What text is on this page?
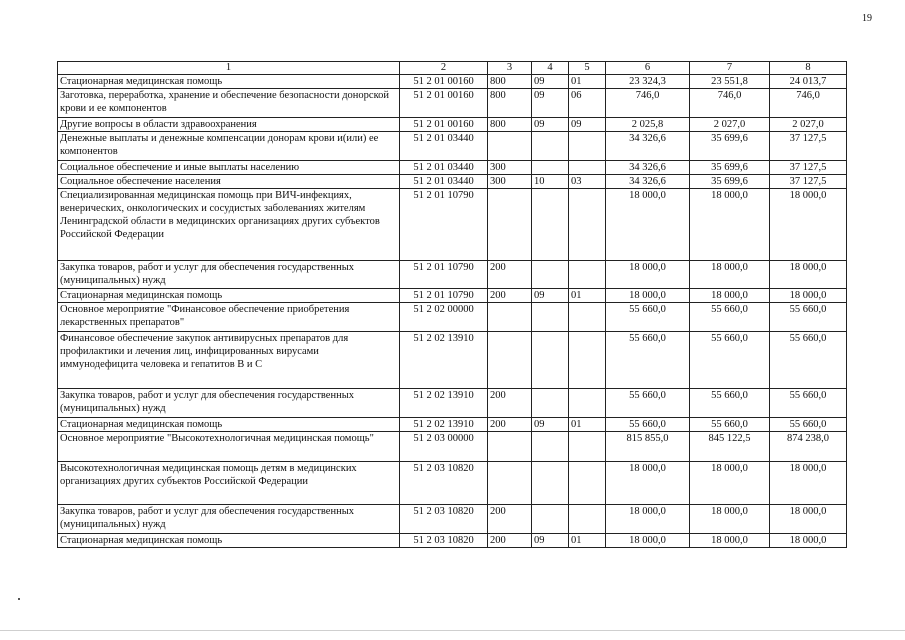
19
1	2	3	4	5	6	7	8
Стационарная медицинская помощь	51 2 01 00160	800	09	01	23 324,3	23 551,8	24 013,7
Заготовка, переработка, хранение и обеспечение безопасности донорской крови и ее компонентов	51 2 01 00160	800	09	06	746,0	746,0	746,0
Другие вопросы в области здравоохранения	51 2 01 00160	800	09	09	2 025,8	2 027,0	2 027,0
Денежные выплаты и денежные компенсации донорам крови и(или) ее компонентов	51 2 01 03440				34 326,6	35 699,6	37 127,5
Социальное обеспечение и иные выплаты населению	51 2 01 03440	300			34 326,6	35 699,6	37 127,5
Социальное обеспечение населения	51 2 01 03440	300	10	03	34 326,6	35 699,6	37 127,5
Специализированная медицинская помощь при ВИЧ-инфекциях, венерических, онкологических и сосудистых заболеваниях жителям Ленинградской области в медицинских организациях других субъектов Российской Федерации	51 2 01 10790				18 000,0	18 000,0	18 000,0
Закупка товаров, работ и услуг для обеспечения государственных (муниципальных) нужд	51 2 01 10790	200			18 000,0	18 000,0	18 000,0
Стационарная медицинская помощь	51 2 01 10790	200	09	01	18 000,0	18 000,0	18 000,0
Основное мероприятие "Финансовое обеспечение приобретения лекарственных препаратов"	51 2 02 00000				55 660,0	55 660,0	55 660,0
Финансовое обеспечение закупок антивирусных препаратов для профилактики и лечения лиц, инфицированных вирусами иммунодефицита человека и гепатитов В и С	51 2 02 13910				55 660,0	55 660,0	55 660,0
Закупка товаров, работ и услуг для обеспечения государственных (муниципальных) нужд	51 2 02 13910	200			55 660,0	55 660,0	55 660,0
Стационарная медицинская помощь	51 2 02 13910	200	09	01	55 660,0	55 660,0	55 660,0
Основное мероприятие "Высокотехнологичная медицинская помощь"	51 2 03 00000				815 855,0	845 122,5	874 238,0
Высокотехнологичная медицинская помощь детям в медицинских организациях других субъектов Российской Федерации	51 2 03 10820				18 000,0	18 000,0	18 000,0
Закупка товаров, работ и услуг для обеспечения государственных (муниципальных) нужд	51 2 03 10820	200			18 000,0	18 000,0	18 000,0
Стационарная медицинская помощь	51 2 03 10820	200	09	01	18 000,0	18 000,0	18 000,0
